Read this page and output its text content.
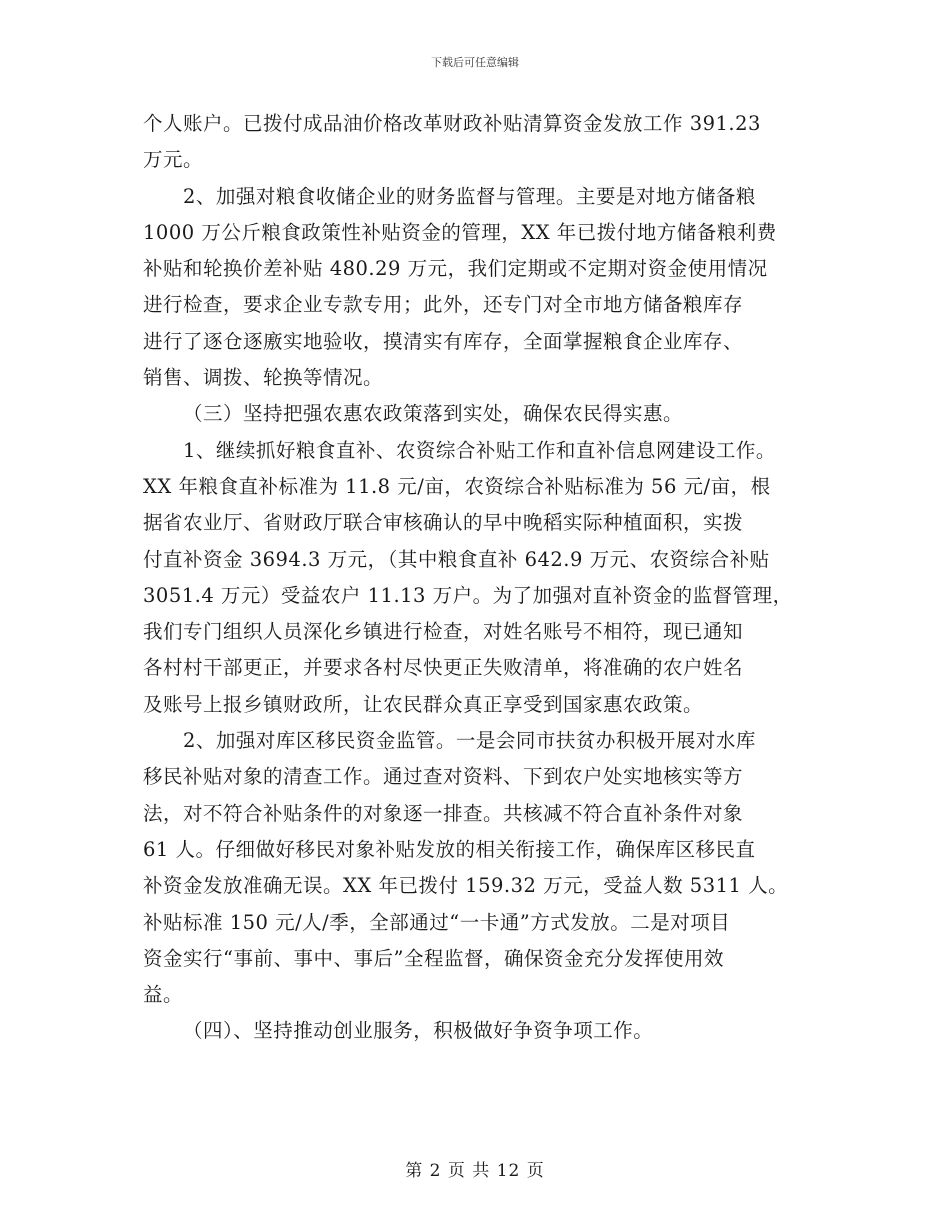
下载后可任意编辑
个人账户。已拨付成品油价格改革财政补贴清算资金发放工作 391.23
万元。
2、加强对粮食收储企业的财务监督与管理。主要是对地方储备粮
1000 万公斤粮食政策性补贴资金的管理，XX 年已拨付地方储备粮利费
补贴和轮换价差补贴 480.29 万元，我们定期或不定期对资金使用情况
进行检查，要求企业专款专用；此外，还专门对全市地方储备粮库存
进行了逐仓逐廒实地验收，摸清实有库存，全面掌握粮食企业库存、
销售、调拨、轮换等情况。
（三）坚持把强农惠农政策落到实处，确保农民得实惠。
1、继续抓好粮食直补、农资综合补贴工作和直补信息网建设工作。
XX 年粮食直补标准为 11.8 元/亩，农资综合补贴标准为 56 元/亩，根
据省农业厅、省财政厅联合审核确认的早中晚稻实际种植面积，实拨
付直补资金 3694.3 万元，（其中粮食直补 642.9 万元、农资综合补贴
3051.4 万元）受益农户 11.13 万户。为了加强对直补资金的监督管理，
我们专门组织人员深化乡镇进行检查，对姓名账号不相符，现已通知
各村村干部更正，并要求各村尽快更正失败清单，将准确的农户姓名
及账号上报乡镇财政所，让农民群众真正享受到国家惠农政策。
2、加强对库区移民资金监管。一是会同市扶贫办积极开展对水库
移民补贴对象的清查工作。通过查对资料、下到农户处实地核实等方
法，对不符合补贴条件的对象逐一排查。共核减不符合直补条件对象
61 人。仔细做好移民对象补贴发放的相关衔接工作，确保库区移民直
补资金发放准确无误。XX 年已拨付 159.32 万元，受益人数 5311 人。
补贴标准 150 元/人/季，全部通过“一卡通”方式发放。二是对项目
资金实行“事前、事中、事后”全程监督，确保资金充分发挥使用效
益。
（四）、坚持推动创业服务，积极做好争资争项工作。
第 2 页 共 12 页
